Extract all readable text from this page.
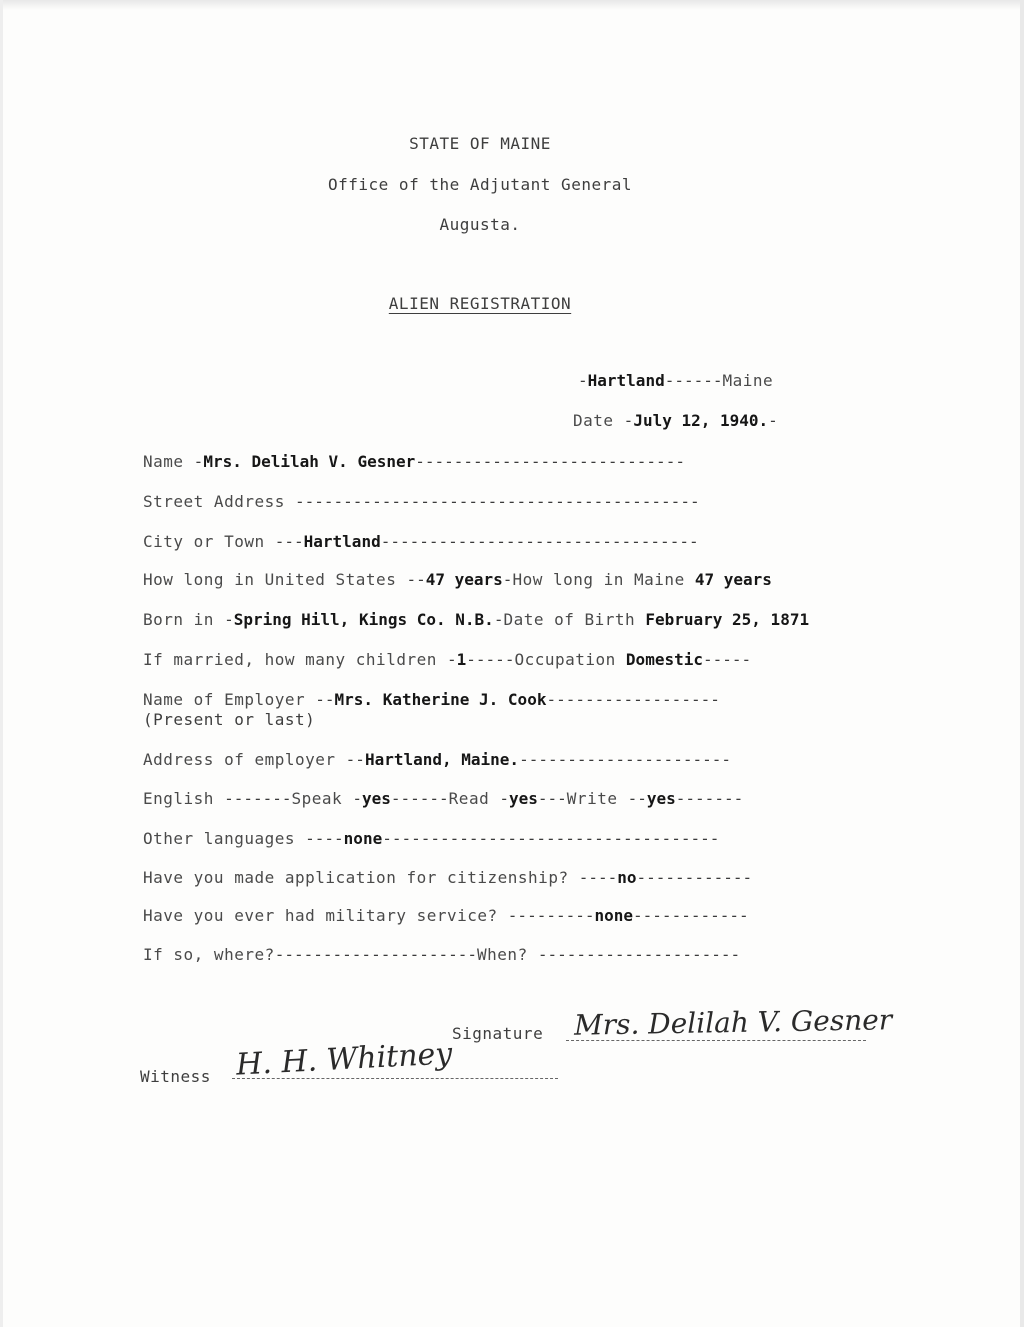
STATE OF MAINE
Office of the Adjutant General
Augusta.
ALIEN REGISTRATION
-Hartland------Maine
Date -July 12, 1940.-
Name -Mrs. Delilah V. Gesner----------------------------
Street Address ------------------------------------------
City or Town ---Hartland---------------------------------
How long in United States --47 years-How long in Maine 47 years
Born in -Spring Hill, Kings Co. N.B.-Date of Birth February 25, 1871
If married, how many children -1-----Occupation Domestic-----
Name of Employer --Mrs. Katherine J. Cook------------------
(Present or last)
Address of employer --Hartland, Maine.----------------------
English -------Speak -yes------Read -yes---Write --yes-------
Other languages ----none-----------------------------------
Have you made application for citizenship? ----no------------
Have you ever had military service? ---------none------------
If so, where?---------------------When? ---------------------
Signature Mrs. Delilah V. Gesner
Witness H. H. Whitney
